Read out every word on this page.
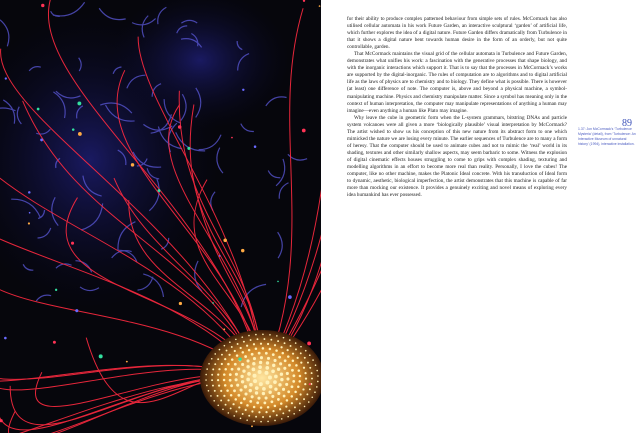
for their ability to produce complex patterned behaviour from simple sets of rules. McCormack has also utilised cellular automata in his work Future Garden, an interactive sculptural ‘garden’ of artificial life, which further explores the idea of a digital nature. Future Garden differs dramatically from Turbulence in that it shows a digital nature bent towards human desire in the form of an orderly, but not quite controllable, garden.

That McCormack maintains the visual grid of the cellular automata in Turbulence and Future Garden, demonstrates what unifies his work: a fascination with the generative processes that shape biology, and with the inorganic interactions which support it. That is to say that the processes in McCormack’s works are supported by the digital-inorganic. The rules of computation are to algorithms and to digital artificial life as the laws of physics are to chemistry and to biology. They define what is possible. There is however (at least) one difference of note. The computer is, above and beyond a physical machine, a symbol-manipulating machine. Physics and chemistry manipulate matter. Since a symbol has meaning only in the context of human interpretation, the computer may manipulate representations of anything a human may imagine—even anything a human like Plato may imagine.

Why leave the cube in geometric form when the L-system grammars, bitstring DNAs and particle system volcanoes were all given a more ‘biologically plausible’ visual interpretation by McCormack? The artist wished to show us his conception of this new nature from its abstract form to one which mimicked the nature we are losing every minute. The earlier sequences of Turbulence are to many a form of heresy. That the computer should be used to animate cubes and not to mimic the ‘real’ world in its shading, textures and other similarly shallow aspects, may seem barbaric to some. Witness the explosion of digital cinematic effects houses struggling to come to grips with complex shading, texturing and modelling algorithms in an effort to become more real than reality. Personally, I love the cubes! The computer, like no other machine, makes the Platonic Ideal concrete. With his transduction of Ideal form to dynamic, aesthetic, biological imperfection, the artist demonstrates that this machine is capable of far more than mocking our existence. It provides a genuinely exciting and novel means of exploring every idea humankind has ever possessed.

89
1.37: Jon McCormack’s ‘Turbulence Mysteria’ (detail), from ‘Turbulence: An Interactive Museum of unnatural history’ (1994), interactive installation.
